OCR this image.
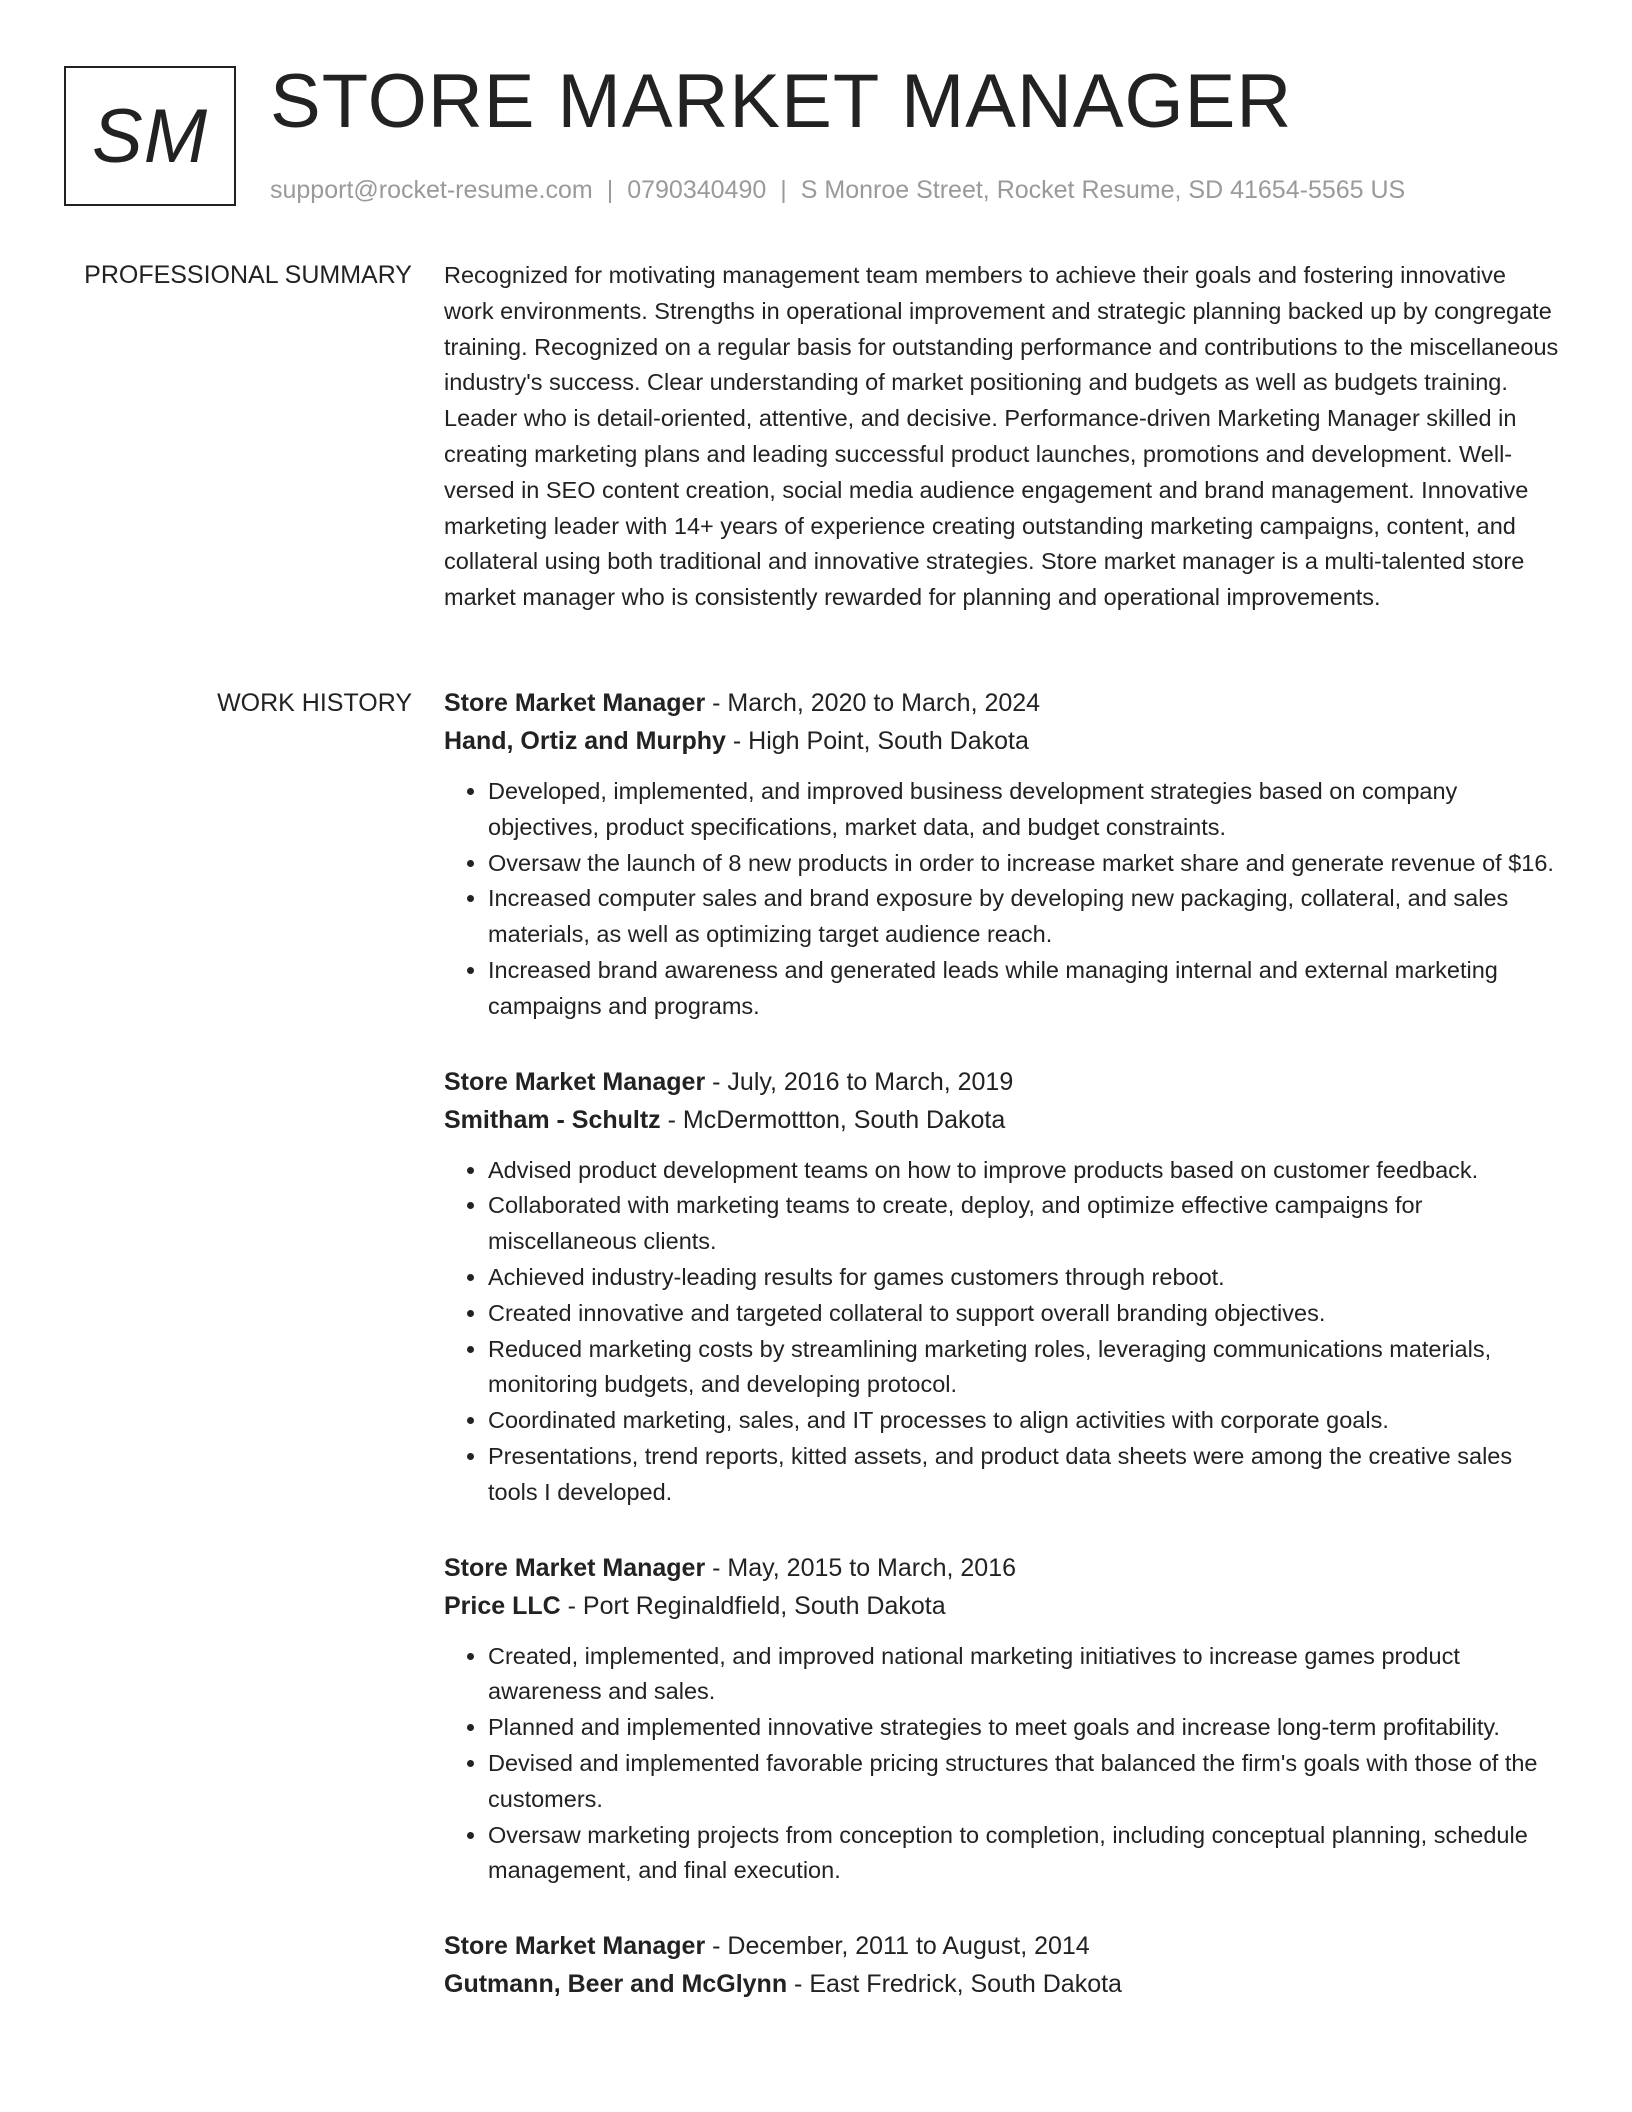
SM STORE MARKET MANAGER
support@rocket-resume.com | 0790340490 | S Monroe Street, Rocket Resume, SD 41654-5565 US
PROFESSIONAL SUMMARY Recognized for motivating management team members to achieve their goals and fostering innovative work environments. Strengths in operational improvement and strategic planning backed up by congregate training. Recognized on a regular basis for outstanding performance and contributions to the miscellaneous industry's success. Clear understanding of market positioning and budgets as well as budgets training. Leader who is detail-oriented, attentive, and decisive. Performance-driven Marketing Manager skilled in creating marketing plans and leading successful product launches, promotions and development. Well-versed in SEO content creation, social media audience engagement and brand management. Innovative marketing leader with 14+ years of experience creating outstanding marketing campaigns, content, and collateral using both traditional and innovative strategies. Store market manager is a multi-talented store market manager who is consistently rewarded for planning and operational improvements.

WORK HISTORY Store Market Manager - March, 2020 to March, 2024
Hand, Ortiz and Murphy - High Point, South Dakota
• Developed, implemented, and improved business development strategies based on company objectives, product specifications, market data, and budget constraints.
• Oversaw the launch of 8 new products in order to increase market share and generate revenue of $16.
• Increased computer sales and brand exposure by developing new packaging, collateral, and sales materials, as well as optimizing target audience reach.
• Increased brand awareness and generated leads while managing internal and external marketing campaigns and programs.
Store Market Manager - July, 2016 to March, 2019
Smitham - Schultz - McDermottton, South Dakota
• Advised product development teams on how to improve products based on customer feedback.
• Collaborated with marketing teams to create, deploy, and optimize effective campaigns for miscellaneous clients.
• Achieved industry-leading results for games customers through reboot.
• Created innovative and targeted collateral to support overall branding objectives.
• Reduced marketing costs by streamlining marketing roles, leveraging communications materials, monitoring budgets, and developing protocol.
• Coordinated marketing, sales, and IT processes to align activities with corporate goals.
• Presentations, trend reports, kitted assets, and product data sheets were among the creative sales tools I developed.
Store Market Manager - May, 2015 to March, 2016
Price LLC - Port Reginaldfield, South Dakota
• Created, implemented, and improved national marketing initiatives to increase games product awareness and sales.
• Planned and implemented innovative strategies to meet goals and increase long-term profitability.
• Devised and implemented favorable pricing structures that balanced the firm's goals with those of the customers.
• Oversaw marketing projects from conception to completion, including conceptual planning, schedule management, and final execution.
Store Market Manager - December, 2011 to August, 2014
Gutmann, Beer and McGlynn - East Fredrick, South Dakota
